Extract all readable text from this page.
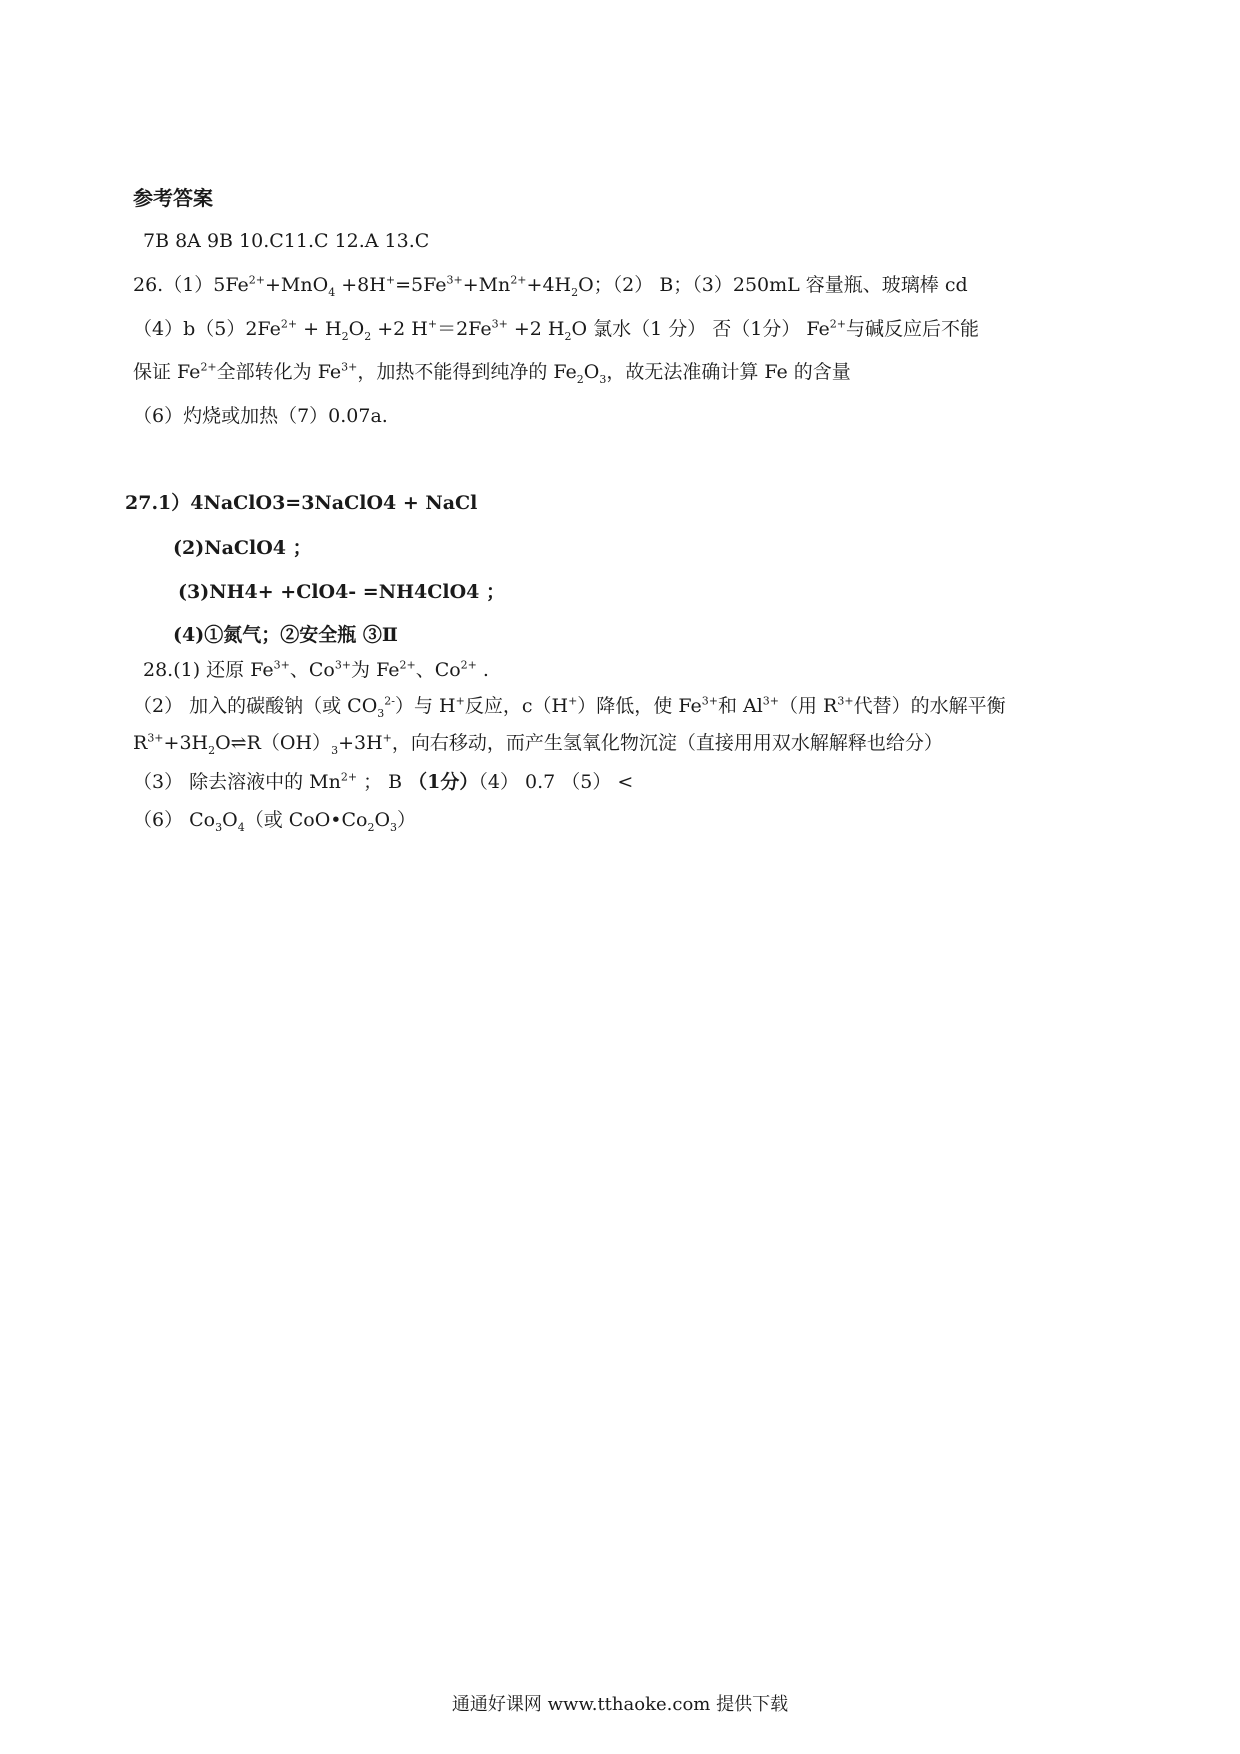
参考答案
7B 8A 9B 10.C11.C 12.A 13.C
$26.(1)5Fe^{2+}+MnO_4 +8H^+=5Fe^{3+}+Mn^{2+}+4H_2O$；（2） B；（3）250mL 容量瓶、玻璃棒 cd
$(4)b(5)2Fe^{2+} + H_2O_2 +2$ $H^+=2Fe^{3+} +2$ $H_2O$ 氯水（1 分） 否（1分） $Fe^{2+}$与碱反应后不能
保证 $Fe^{2+}$全部转化为 $Fe^{3+}$，加热不能得到纯净的 $Fe_2O_3$，故无法准确计算 Fe 的含量
（6）灼烧或加热（7）0.07a.
27.1）4NaClO3=3NaClO4 + NaCl
(2)NaClO4 ；
(3)NH4+ +ClO4- =NH4ClO4 ；
(4)①氮气；②安全瓶 ③Ⅱ
28.(1) 还原 $Fe^{3+}$、$Co^{3+}$为 $Fe^{2+}$、$Co^{2+}$ .
（2） 加入的碳酸钠（或 $CO_3^{2-}$）与 H+反应，c（H+）降低，使 $Fe^{3+}$和 $Al^{3+}$（用 $R^{3+}$代替）的水解平衡
$R^{3+}+3H_2O\rightleftharpoons R(OH)_3+3H^+$，向右移动，而产生氢氧化物沉淀（直接用用双水解解释也给分）
（3） 除去溶液中的 $Mn^{2+}$ ； B （1分）（4） 0.7 （5） <
（6） $Co_3O_4$（或 $CoO•Co_2O_3$）
通通好课网 www.tthaoke.com 提供下载
